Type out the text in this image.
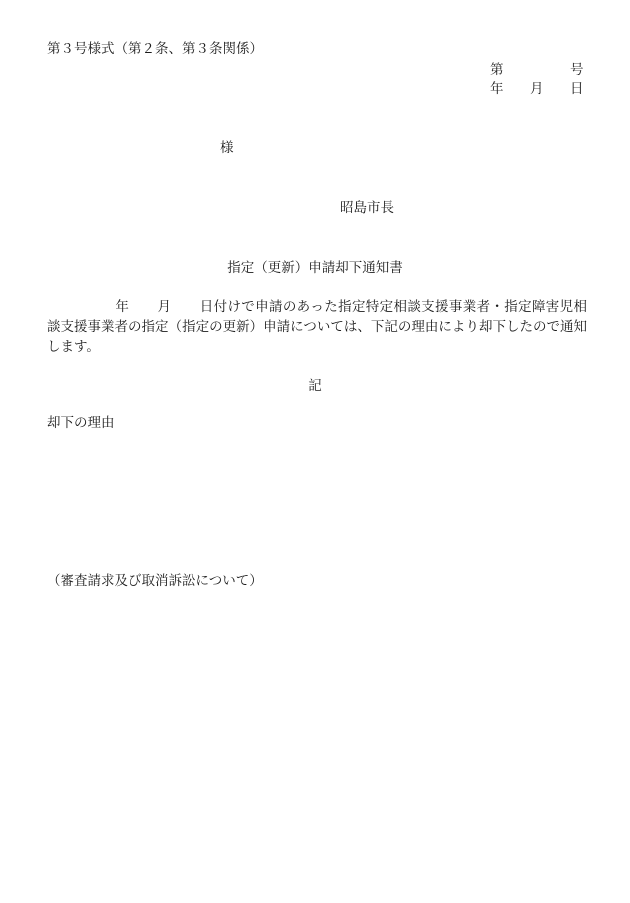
第３号様式（第２条、第３条関係）
第	号
年 月 日
様
昭島市長
指定（更新）申請却下通知書
年 月 日付けで申請のあった指定特定相談支援事業者・指定障害児相談支援事業者の指定（指定の更新）申請については、下記の理由により却下したので通知します。
記
却下の理由
（審査請求及び取消訴訟について）
